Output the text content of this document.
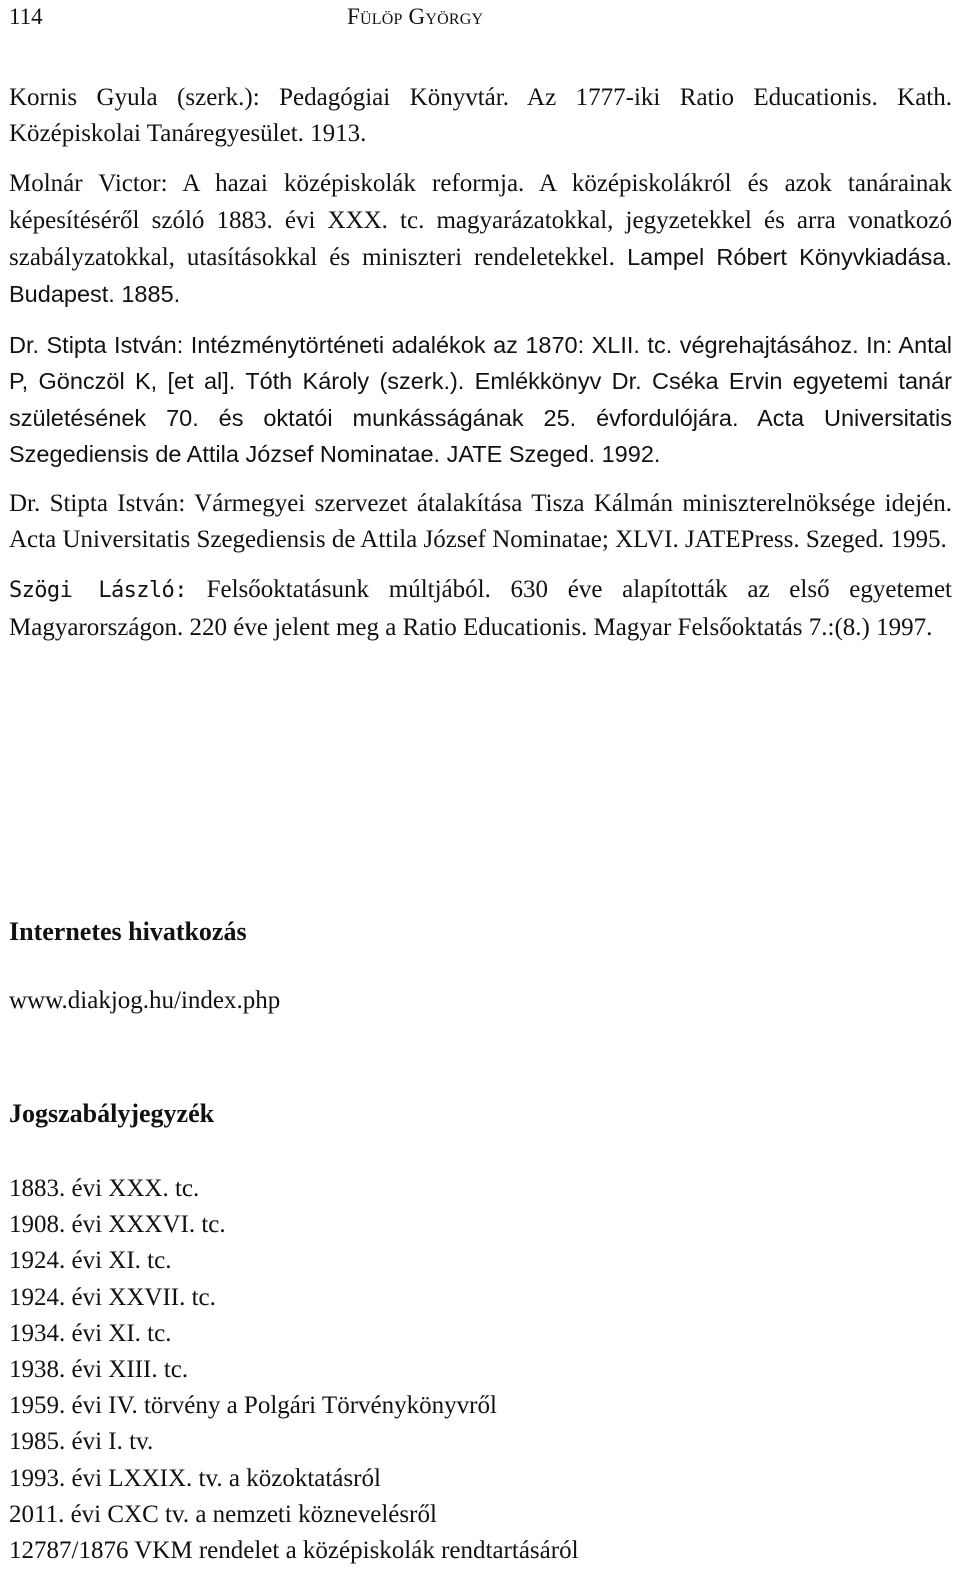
114	Fülöp György

Kornis Gyula (szerk.): Pedagógiai Könyvtár. Az 1777-iki Ratio Educationis. Kath. Középiskolai Tanáregyesület. 1913.

Molnár Victor: A hazai középiskolák reformja. A középiskolákról és azok tanárainak képesítéséről szóló 1883. évi XXX. tc. magyarázatokkal, jegyzetekkel és arra vonatkozó szabályzatokkal, utasításokkal és miniszteri rendeletekkel. Lampel Róbert Könyvkiadása. Budapest. 1885.

Dr. Stipta István: Intézménytörténeti adalékok az 1870: XLII. tc. végrehajtásához. In: Antal P, Gönczöl K, [et al]. Tóth Károly (szerk.). Emlékkönyv Dr. Cséka Ervin egyetemi tanár születésének 70. és oktatói munkásságának 25. évfordulójára. Acta Universitatis Szegediensis de Attila József Nominatae. JATE Szeged. 1992.

Dr. Stipta István: Vármegyei szervezet átalakítása Tisza Kálmán miniszterelnöksége idején. Acta Universitatis Szegediensis de Attila József Nominatae; XLVI. JATEPress. Szeged. 1995.

Szögi László: Felsőoktatásunk múltjából. 630 éve alapították az első egyetemet Magyarországon. 220 éve jelent meg a Ratio Educationis. Magyar Felsőoktatás 7.:(8.) 1997.

Internetes hivatkozás
www.diakjog.hu/index.php
Jogszabályjegyzék
1883. évi XXX. tc.
1908. évi XXXVI. tc.
1924. évi XI. tc.
1924. évi XXVII. tc.
1934. évi XI. tc.
1938. évi XIII. tc.
1959. évi IV. törvény a Polgári Törvénykönyvről
1985. évi I. tv.
1993. évi LXXIX. tv. a közoktatásról
2011. évi CXC tv. a nemzeti köznevelésről
12787/1876 VKM rendelet a középiskolák rendtartásáról
